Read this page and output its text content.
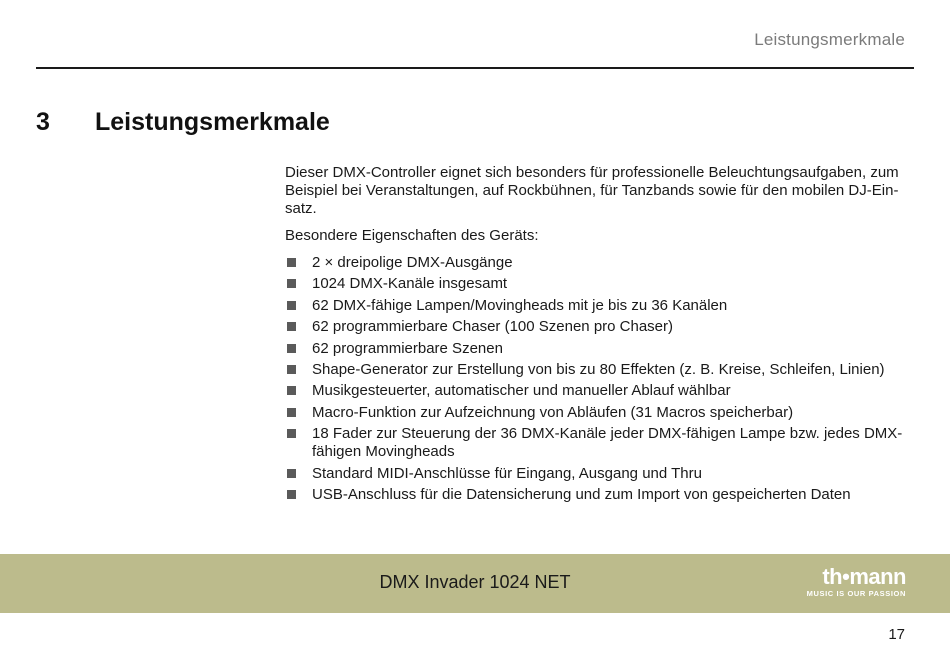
Leistungsmerkmale
3 Leistungsmerkmale

Dieser DMX-Controller eignet sich besonders für professionelle Beleuchtungsaufgaben, zum Beispiel bei Veranstaltungen, auf Rockbühnen, für Tanzbands sowie für den mobilen DJ-Einsatz.

Besondere Eigenschaften des Geräts:

2 × dreipolige DMX-Ausgänge
1024 DMX-Kanäle insgesamt
62 DMX-fähige Lampen/Movingheads mit je bis zu 36 Kanälen
62 programmierbare Chaser (100 Szenen pro Chaser)
62 programmierbare Szenen
Shape-Generator zur Erstellung von bis zu 80 Effekten (z. B. Kreise, Schleifen, Linien)
Musikgesteuerter, automatischer und manueller Ablauf wählbar
Macro-Funktion zur Aufzeichnung von Abläufen (31 Macros speicherbar)
18 Fader zur Steuerung der 36 DMX-Kanäle jeder DMX-fähigen Lampe bzw. jedes DMX-fähigen Movingheads
Standard MIDI-Anschlüsse für Eingang, Ausgang und Thru
USB-Anschluss für die Datensicherung und zum Import von gespeicherten Daten
DMX Invader 1024 NET	th•mann
MUSIC IS OUR PASSION
17
